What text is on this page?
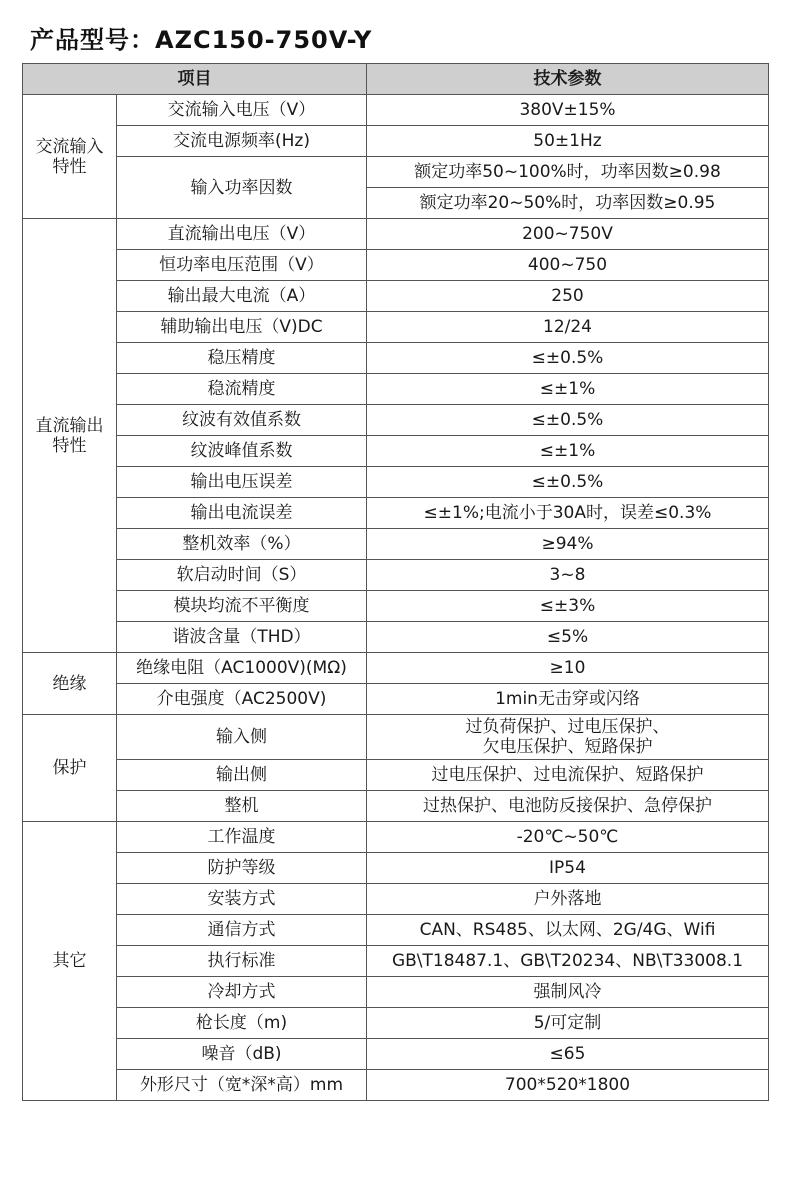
产品型号：AZC150-750V-Y
项目		技术参数

交流输入
特性	交流输入电压（V）	380V±15%
	交流电源频率(Hz)	50±1Hz
	输入功率因数	额定功率50~100%时，功率因数≥0.98
		额定功率20~50%时，功率因数≥0.95

直流输出
特性	直流输出电压（V）	200~750V
	恒功率电压范围（V）	400~750
	输出最大电流（A）	250
	辅助输出电压（V)DC	12/24
	稳压精度	≤±0.5%
	稳流精度	≤±1%
	纹波有效值系数	≤±0.5%
	纹波峰值系数	≤±1%
	输出电压误差	≤±0.5%
	输出电流误差	≤±1%;电流小于30A时，误差≤0.3%
	整机效率（%）	≥94%
	软启动时间（S）	3~8
	模块均流不平衡度	≤±3%
	谐波含量（THD）	≤5%

绝缘	绝缘电阻（AC1000V)(MΩ)	≥10
	介电强度（AC2500V)	1min无击穿或闪络

保护	输入侧	过负荷保护、过电压保护、
欠电压保护、短路保护

	输出侧	过电压保护、过电流保护、短路保护
	整机	过热保护、电池防反接保护、急停保护

其它	工作温度	-20℃~50℃
	防护等级	IP54
	安装方式	户外落地
	通信方式	CAN、RS485、以太网、2G/4G、Wifi
	执行标准	GB\T18487.1、GB\T20234、NB\T33008.1
	冷却方式	强制风冷
	枪长度（m)	5/可定制
	噪音（dB)	≤65
	外形尺寸（宽*深*高）mm	700*520*1800
